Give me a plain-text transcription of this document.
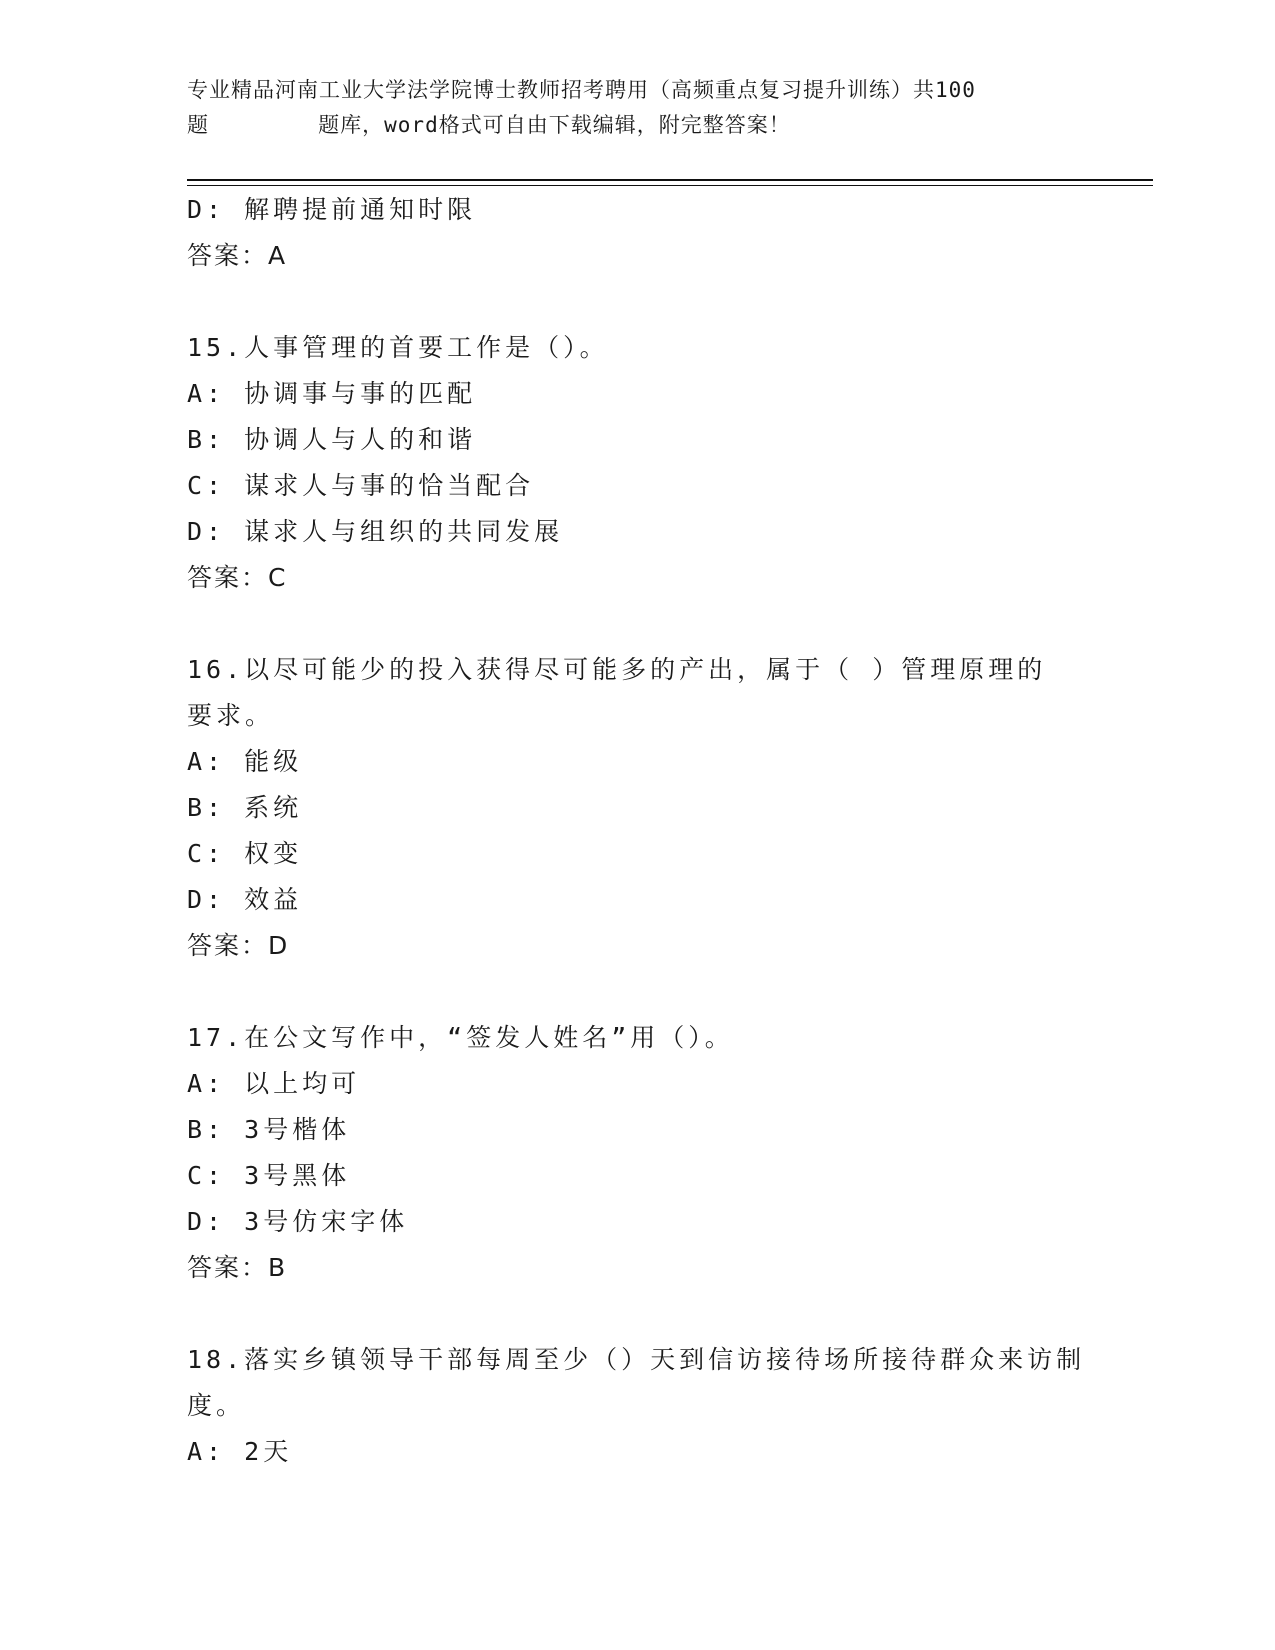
专业精品河南工业大学法学院博士教师招考聘用（高频重点复习提升训练）共100
题        题库，word格式可自由下载编辑，附完整答案！
D: 解聘提前通知时限
答案：A
15.人事管理的首要工作是（）。
A: 协调事与事的匹配
B: 协调人与人的和谐
C: 谋求人与事的恰当配合
D: 谋求人与组织的共同发展
答案：C
16.以尽可能少的投入获得尽可能多的产出，属于（ ）管理原理的
要求。
A: 能级
B: 系统
C: 权变
D: 效益
答案：D
17.在公文写作中，“签发人姓名”用（）。
A: 以上均可
B: 3号楷体
C: 3号黑体
D: 3号仿宋字体
答案：B
18.落实乡镇领导干部每周至少（）天到信访接待场所接待群众来访制
度。
A: 2天
